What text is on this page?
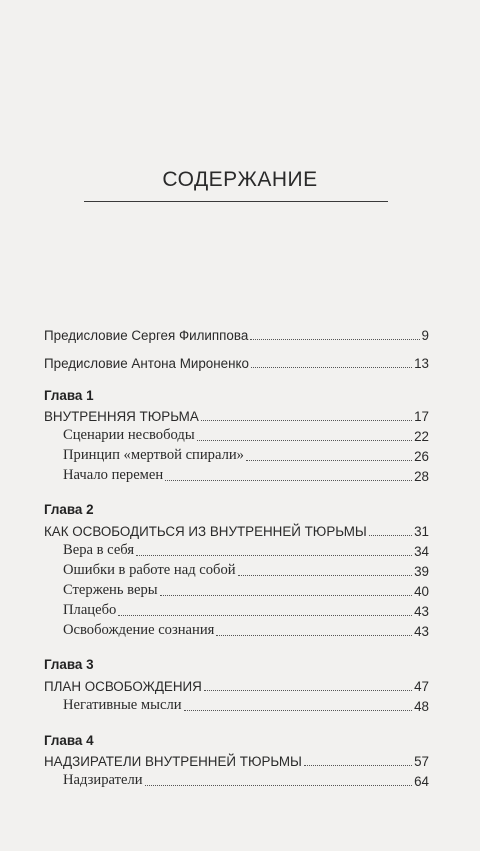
СОДЕРЖАНИЕ
Предисловие Сергея Филиппова	9
Предисловие Антона Мироненко	13
Глава 1
ВНУТРЕННЯЯ ТЮРЬМА	17
Сценарии несвободы	22
Принцип «мертвой спирали»	26
Начало перемен	28
Глава 2
КАК ОСВОБОДИТЬСЯ ИЗ ВНУТРЕННЕЙ ТЮРЬМЫ	31
Вера в себя	34
Ошибки в работе над собой	39
Стержень веры	40
Плацебо	43
Освобождение сознания	43
Глава 3
ПЛАН ОСВОБОЖДЕНИЯ	47
Негативные мысли	48
Глава 4
НАДЗИРАТЕЛИ ВНУТРЕННЕЙ ТЮРЬМЫ	57
Надзиратели	64
